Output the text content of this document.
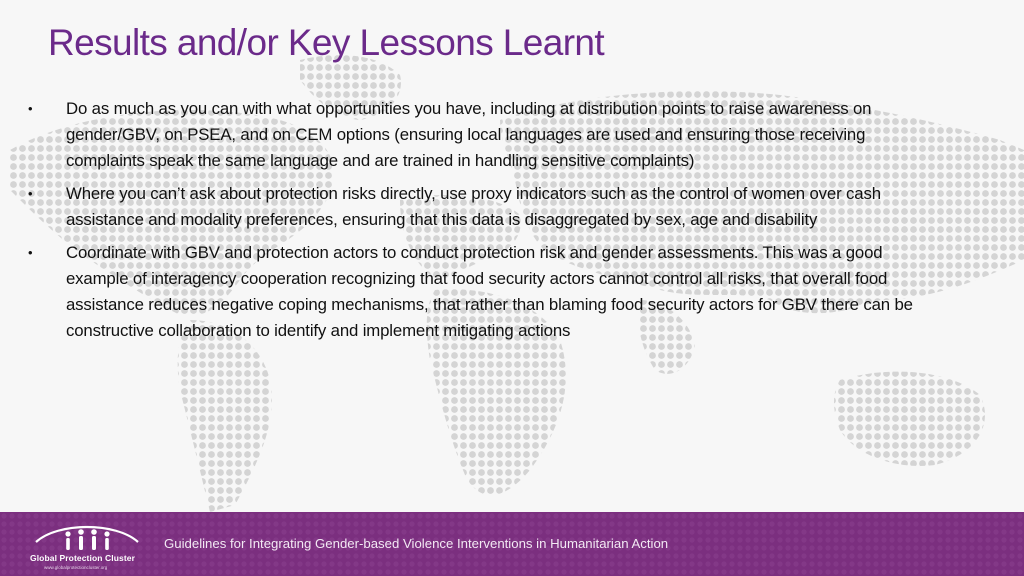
Results and/or Key Lessons Learnt
• Do as much as you can with what opportunities you have, including at distribution points to raise awareness on gender/GBV, on PSEA, and on CEM options (ensuring local languages are used and ensuring those receiving complaints speak the same language and are trained in handling sensitive complaints)
• Where you can’t ask about protection risks directly, use proxy indicators such as the control of women over cash assistance and modality preferences, ensuring that this data is disaggregated by sex, age and disability
• Coordinate with GBV and protection actors to conduct protection risk and gender assessments. This was a good example of interagency cooperation recognizing that food security actors cannot control all risks, that overall food assistance reduces negative coping mechanisms, that rather than blaming food security actors for GBV there can be constructive collaboration to identify and implement mitigating actions
Global Protection Cluster
www.globalprotectioncluster.org
Guidelines for Integrating Gender-based Violence Interventions in Humanitarian Action
